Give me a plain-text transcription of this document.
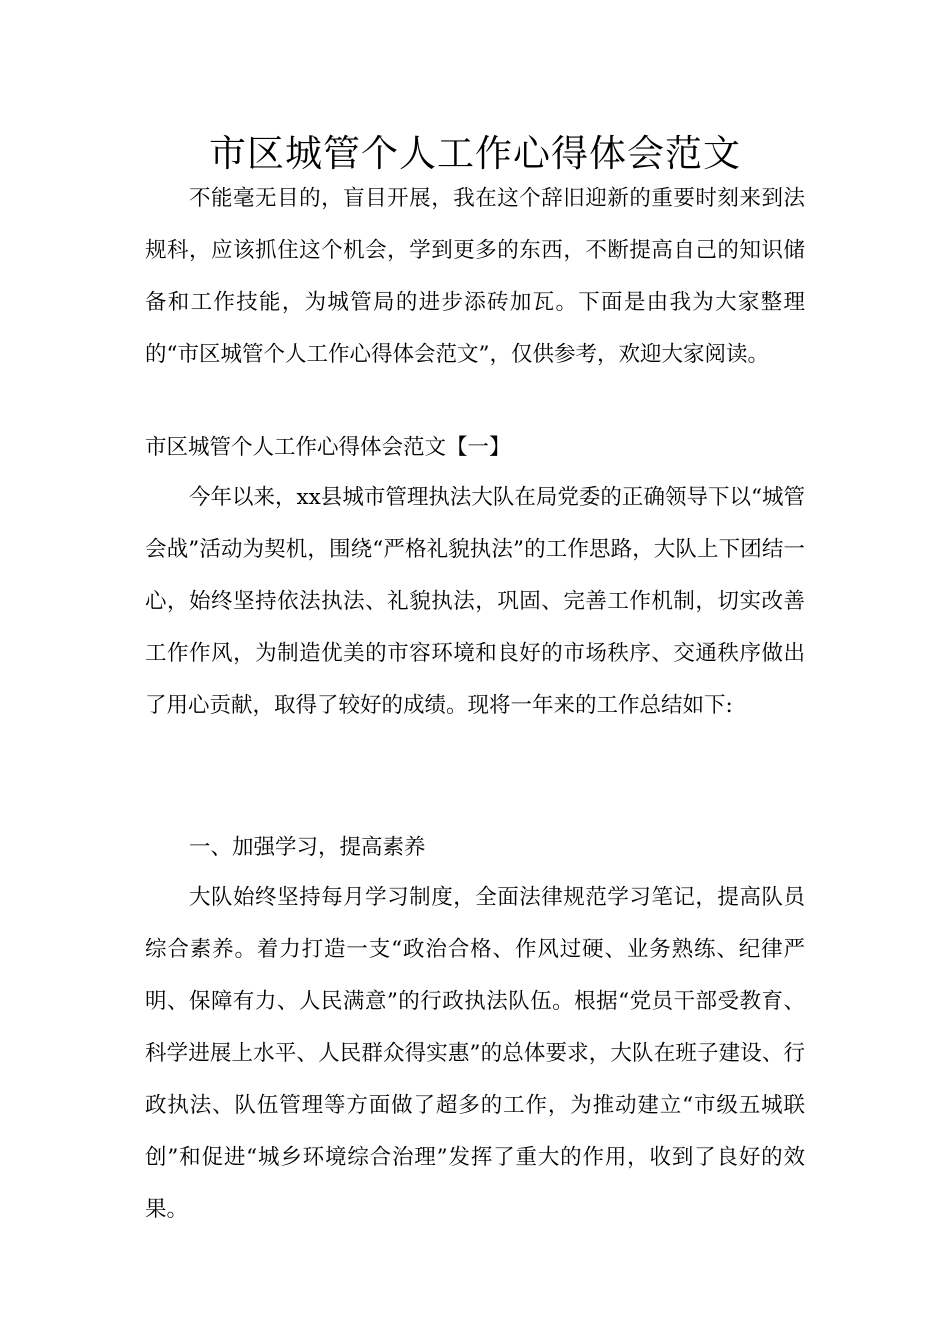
市区城管个人工作心得体会范文

不能毫无目的，盲目开展，我在这个辞旧迎新的重要时刻来到法规科，应该抓住这个机会，学到更多的东西，不断提高自己的知识储备和工作技能，为城管局的进步添砖加瓦。下面是由我为大家整理的“市区城管个人工作心得体会范文”，仅供参考，欢迎大家阅读。

市区城管个人工作心得体会范文【一】

今年以来，xx县城市管理执法大队在局党委的正确领导下以“城管会战”活动为契机，围绕“严格礼貌执法”的工作思路，大队上下团结一心，始终坚持依法执法、礼貌执法，巩固、完善工作机制，切实改善工作作风，为制造优美的市容环境和良好的市场秩序、交通秩序做出了用心贡献，取得了较好的成绩。现将一年来的工作总结如下:

一、加强学习，提高素养

大队始终坚持每月学习制度，全面法律规范学习笔记，提高队员综合素养。着力打造一支“政治合格、作风过硬、业务熟练、纪律严明、保障有力、人民满意”的行政执法队伍。根据“党员干部受教育、科学进展上水平、人民群众得实惠”的总体要求，大队在班子建设、行政执法、队伍管理等方面做了超多的工作，为推动建立“市级五城联创”和促进“城乡环境综合治理”发挥了重大的作用，收到了良好的效果。
